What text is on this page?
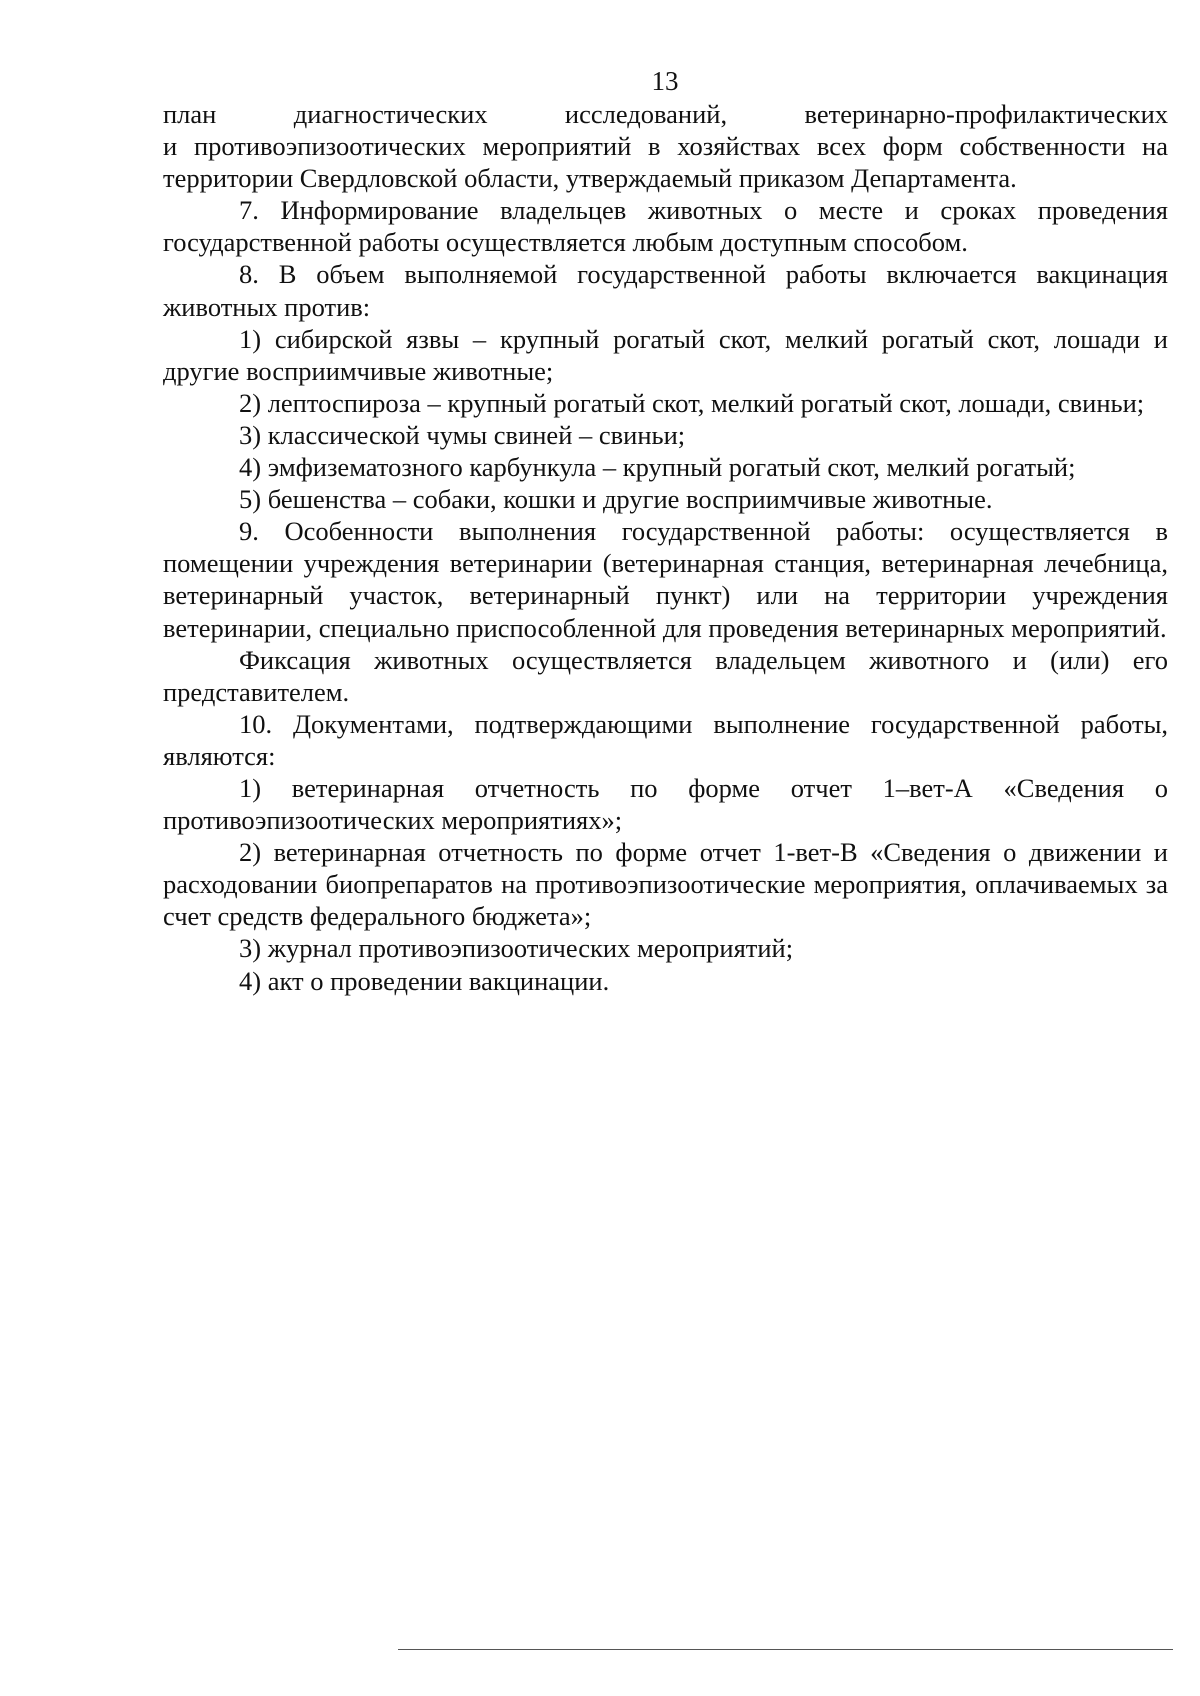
13
план диагностических исследований, ветеринарно-профилактических
и противоэпизоотических мероприятий в хозяйствах всех форм собственности на территории Свердловской области, утверждаемый приказом Департамента.
7. Информирование владельцев животных о месте и сроках проведения государственной работы осуществляется любым доступным способом.
8. В объем выполняемой государственной работы включается вакцинация животных против:
1) сибирской язвы – крупный рогатый скот, мелкий рогатый скот, лошади и другие восприимчивые животные;
2) лептоспироза – крупный рогатый скот, мелкий рогатый скот, лошади, свиньи;
3) классической чумы свиней – свиньи;
4) эмфизематозного карбункула – крупный рогатый скот, мелкий рогатый;
5) бешенства – собаки, кошки и другие восприимчивые животные.
9. Особенности выполнения государственной работы: осуществляется в помещении учреждения ветеринарии (ветеринарная станция, ветеринарная лечебница, ветеринарный участок, ветеринарный пункт) или на территории учреждения ветеринарии, специально приспособленной для проведения ветеринарных мероприятий.
Фиксация животных осуществляется владельцем животного и (или) его представителем.
10. Документами, подтверждающими выполнение государственной работы, являются:
1) ветеринарная отчетность по форме отчет 1–вет-А «Сведения о противоэпизоотических мероприятиях»;
2) ветеринарная отчетность по форме отчет 1-вет-В «Сведения о движении и расходовании биопрепаратов на противоэпизоотические мероприятия, оплачиваемых за счет средств федерального бюджета»;
3) журнал противоэпизоотических мероприятий;
4) акт о проведении вакцинации.
